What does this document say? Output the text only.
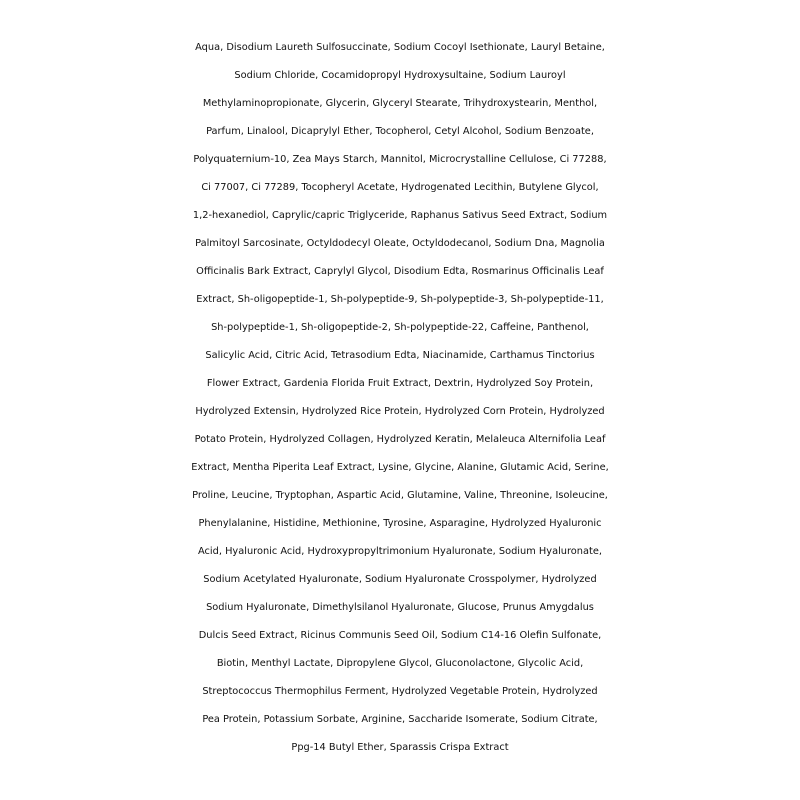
Aqua, Disodium Laureth Sulfosuccinate, Sodium Cocoyl Isethionate, Lauryl Betaine,
Sodium Chloride, Cocamidopropyl Hydroxysultaine, Sodium Lauroyl
Methylaminopropionate, Glycerin, Glyceryl Stearate, Trihydroxystearin, Menthol,
Parfum, Linalool, Dicaprylyl Ether, Tocopherol, Cetyl Alcohol, Sodium Benzoate,
Polyquaternium-10, Zea Mays Starch, Mannitol, Microcrystalline Cellulose, Ci 77288,
Ci 77007, Ci 77289, Tocopheryl Acetate, Hydrogenated Lecithin, Butylene Glycol,
1,2-hexanediol, Caprylic/capric Triglyceride, Raphanus Sativus Seed Extract, Sodium
Palmitoyl Sarcosinate, Octyldodecyl Oleate, Octyldodecanol, Sodium Dna, Magnolia
Officinalis Bark Extract, Caprylyl Glycol, Disodium Edta, Rosmarinus Officinalis Leaf
Extract, Sh-oligopeptide-1, Sh-polypeptide-9, Sh-polypeptide-3, Sh-polypeptide-11,
Sh-polypeptide-1, Sh-oligopeptide-2, Sh-polypeptide-22, Caffeine, Panthenol,
Salicylic Acid, Citric Acid, Tetrasodium Edta, Niacinamide, Carthamus Tinctorius
Flower Extract, Gardenia Florida Fruit Extract, Dextrin, Hydrolyzed Soy Protein,
Hydrolyzed Extensin, Hydrolyzed Rice Protein, Hydrolyzed Corn Protein, Hydrolyzed
Potato Protein, Hydrolyzed Collagen, Hydrolyzed Keratin, Melaleuca Alternifolia Leaf
Extract, Mentha Piperita Leaf Extract, Lysine, Glycine, Alanine, Glutamic Acid, Serine,
Proline, Leucine, Tryptophan, Aspartic Acid, Glutamine, Valine, Threonine, Isoleucine,
Phenylalanine, Histidine, Methionine, Tyrosine, Asparagine, Hydrolyzed Hyaluronic
Acid, Hyaluronic Acid, Hydroxypropyltrimonium Hyaluronate, Sodium Hyaluronate,
Sodium Acetylated Hyaluronate, Sodium Hyaluronate Crosspolymer, Hydrolyzed
Sodium Hyaluronate, Dimethylsilanol Hyaluronate, Glucose, Prunus Amygdalus
Dulcis Seed Extract, Ricinus Communis Seed Oil, Sodium C14-16 Olefin Sulfonate,
Biotin, Menthyl Lactate, Dipropylene Glycol, Gluconolactone, Glycolic Acid,
Streptococcus Thermophilus Ferment, Hydrolyzed Vegetable Protein, Hydrolyzed
Pea Protein, Potassium Sorbate, Arginine, Saccharide Isomerate, Sodium Citrate,
Ppg-14 Butyl Ether, Sparassis Crispa Extract
